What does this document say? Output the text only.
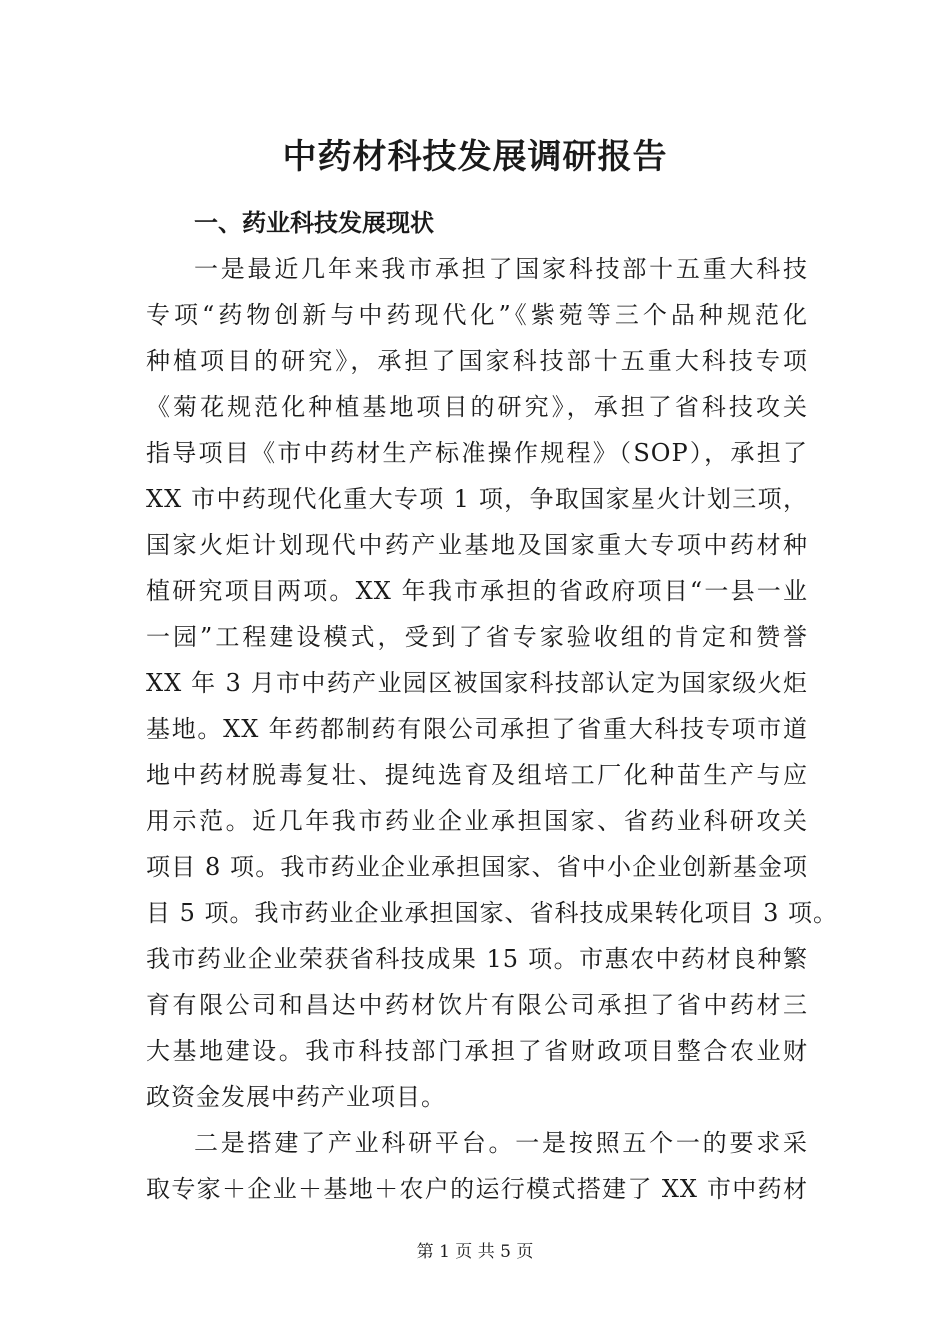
中药材科技发展调研报告
一、药业科技发展现状
一是最近几年来我市承担了国家科技部十五重大科技
专项“药物创新与中药现代化”《紫菀等三个品种规范化
种植项目的研究》，承担了国家科技部十五重大科技专项
《菊花规范化种植基地项目的研究》，承担了省科技攻关
指导项目《市中药材生产标准操作规程》（SOP），承担了
XX 市中药现代化重大专项 1 项，争取国家星火计划三项，
国家火炬计划现代中药产业基地及国家重大专项中药材种
植研究项目两项。XX 年我市承担的省政府项目“一县一业
一园”工程建设模式，受到了省专家验收组的肯定和赞誉
XX 年 3 月市中药产业园区被国家科技部认定为国家级火炬
基地。XX 年药都制药有限公司承担了省重大科技专项市道
地中药材脱毒复壮、提纯选育及组培工厂化种苗生产与应
用示范。近几年我市药业企业承担国家、省药业科研攻关
项目 8 项。我市药业企业承担国家、省中小企业创新基金项
目 5 项。我市药业企业承担国家、省科技成果转化项目 3 项。
我市药业企业荣获省科技成果 15 项。市惠农中药材良种繁
育有限公司和昌达中药材饮片有限公司承担了省中药材三
大基地建设。我市科技部门承担了省财政项目整合农业财
政资金发展中药产业项目。
二是搭建了产业科研平台。一是按照五个一的要求采
取专家＋企业＋基地＋农户的运行模式搭建了 XX 市中药材
第 1 页 共 5 页
